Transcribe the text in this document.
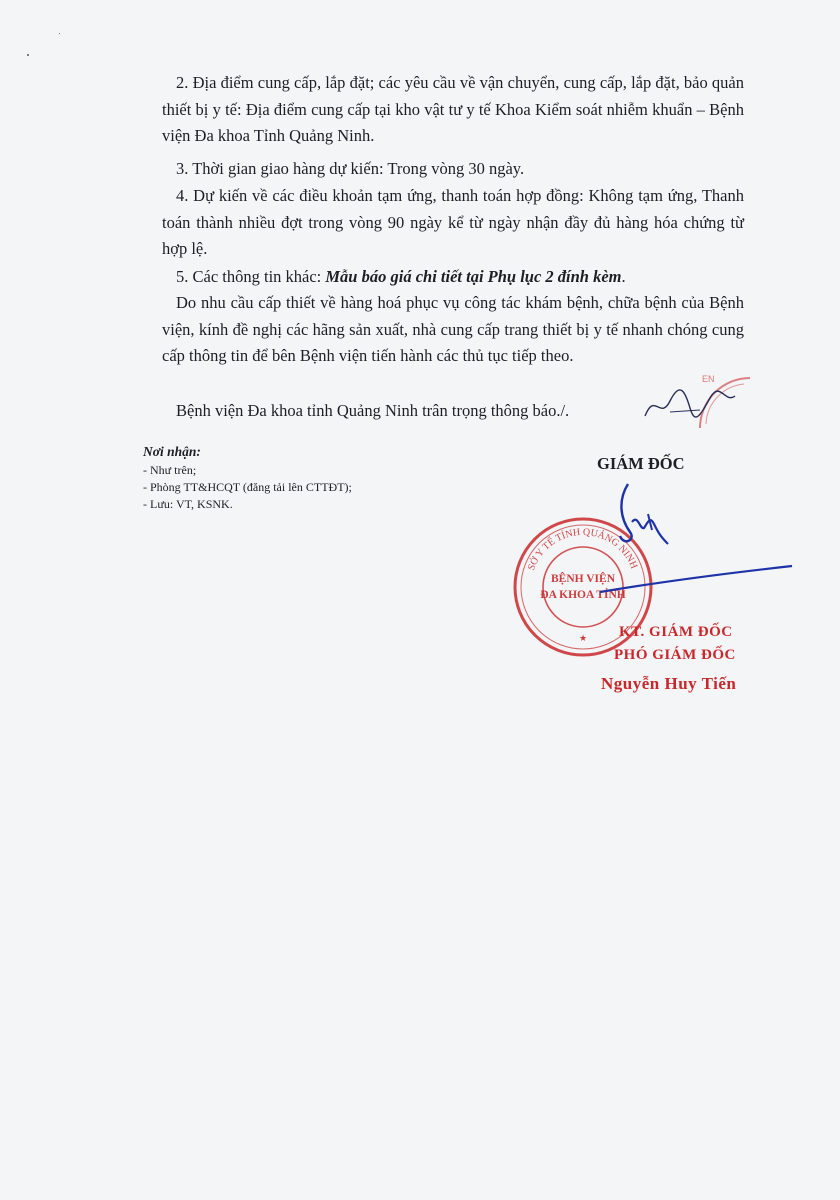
2. Địa điểm cung cấp, lắp đặt; các yêu cầu về vận chuyển, cung cấp, lắp đặt, bảo quản thiết bị y tế: Địa điểm cung cấp tại kho vật tư y tế Khoa Kiểm soát nhiễm khuẩn – Bệnh viện Đa khoa Tỉnh Quảng Ninh.

3. Thời gian giao hàng dự kiến: Trong vòng 30 ngày.

4. Dự kiến về các điều khoản tạm ứng, thanh toán hợp đồng: Không tạm ứng, Thanh toán thành nhiều đợt trong vòng 90 ngày kể từ ngày nhận đầy đủ hàng hóa chứng từ hợp lệ.

5. Các thông tin khác: Mẫu báo giá chi tiết tại Phụ lục 2 đính kèm.

Do nhu cầu cấp thiết về hàng hoá phục vụ công tác khám bệnh, chữa bệnh của Bệnh viện, kính đề nghị các hãng sản xuất, nhà cung cấp trang thiết bị y tế nhanh chóng cung cấp thông tin để bên Bệnh viện tiến hành các thủ tục tiếp theo.

Bệnh viện Đa khoa tỉnh Quảng Ninh trân trọng thông báo./.

EN
Nơi nhận:
- Như trên;
- Phòng TT&HCQT (đăng tải lên CTTĐT);
- Lưu: VT, KSNK.
GIÁM ĐỐC
SỞ Y TẾ TỈNH QUẢNG NINH
BỆNH VIỆN
ĐA KHOA TỈNH
★ KT. GIÁM ĐỐC
PHÓ GIÁM ĐỐC
Nguyễn Huy Tiến
